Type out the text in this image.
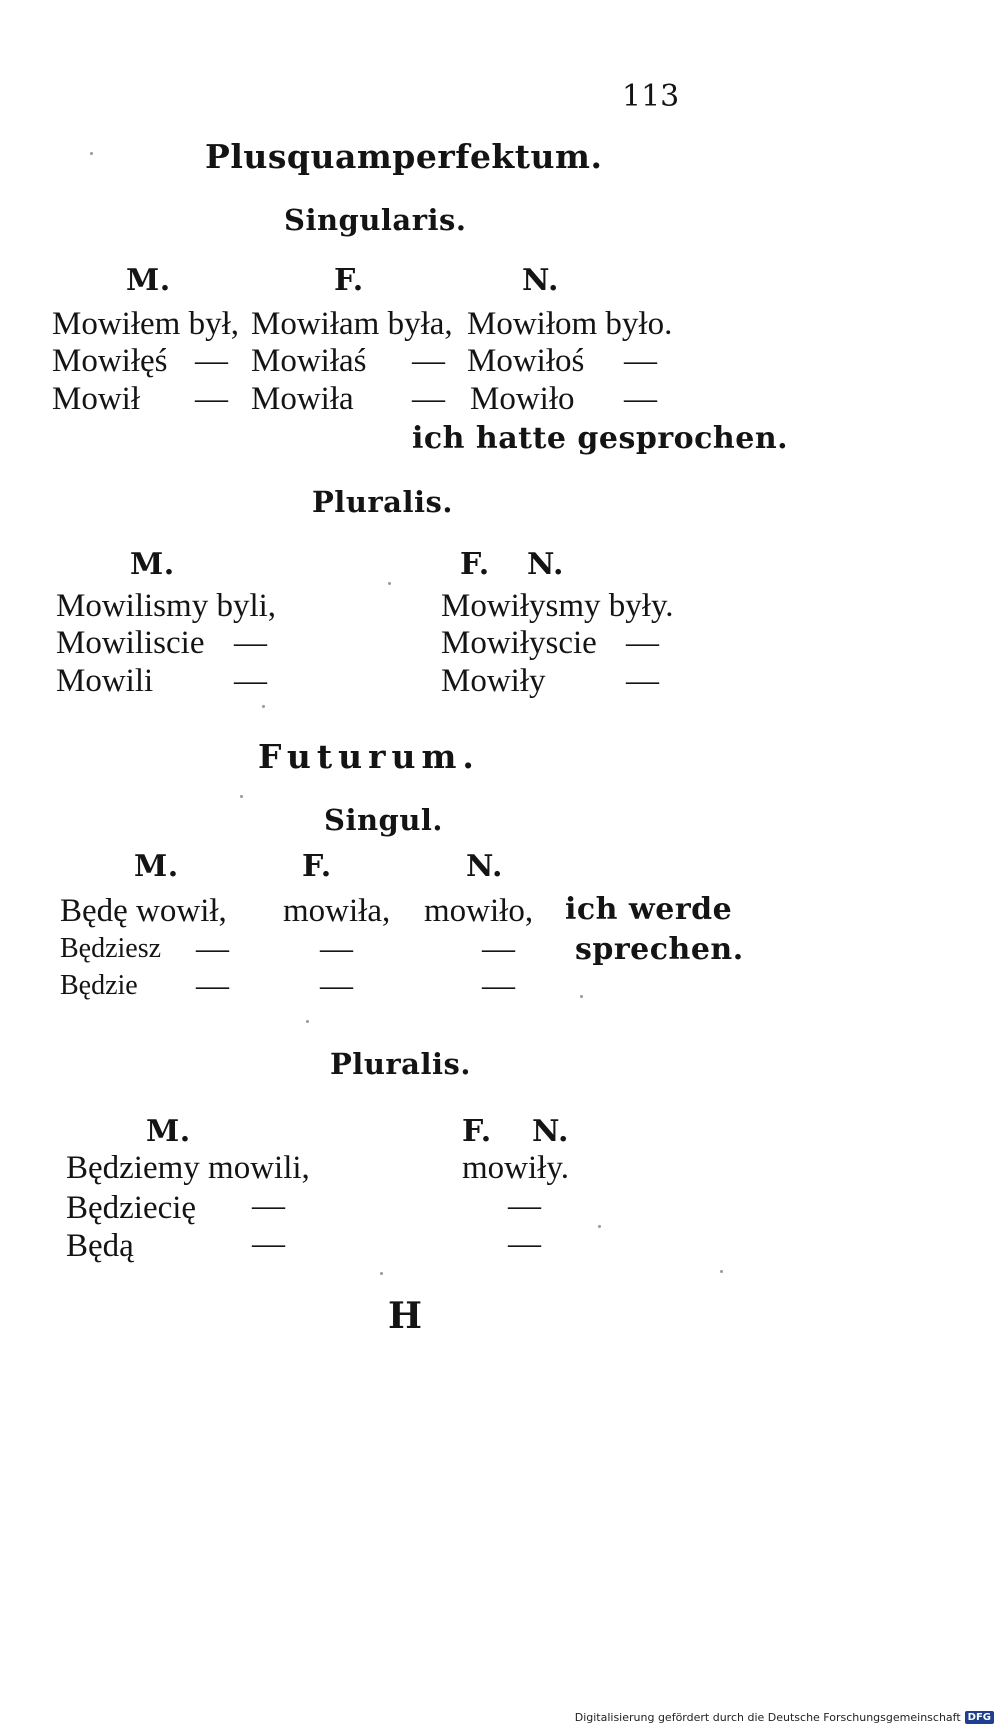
113
Plusquamperfektum.
Singularis.
M.	F.	N.
Mowiłem był, Mowiłam była, Mowiłom było.
Mowiłęś — Mowiłaś — Mowiłoś —
Mowił — Mowiła — Mowiło —
ich hatte gesprochen.
Pluralis.
M.	F. N.
Mowilismy byli,	Mowiłysmy były.
Mowiliscie —	Mowiłyscie —
Mowili —	Mowiły —
Futurum.
Singul.
M.	F.	N.
Będę wowił, mowiła, mowiło, ich werde
Będziesz —	—	— sprechen.
Będzie —	—	—
Pluralis.
M.	F. N.
Będziemy mowili,	mowiły.
Będziecię —	—
Będą	—	—
H
Digitalisierung gefördert durch die Deutsche Forschungsgemeinschaft DFG
